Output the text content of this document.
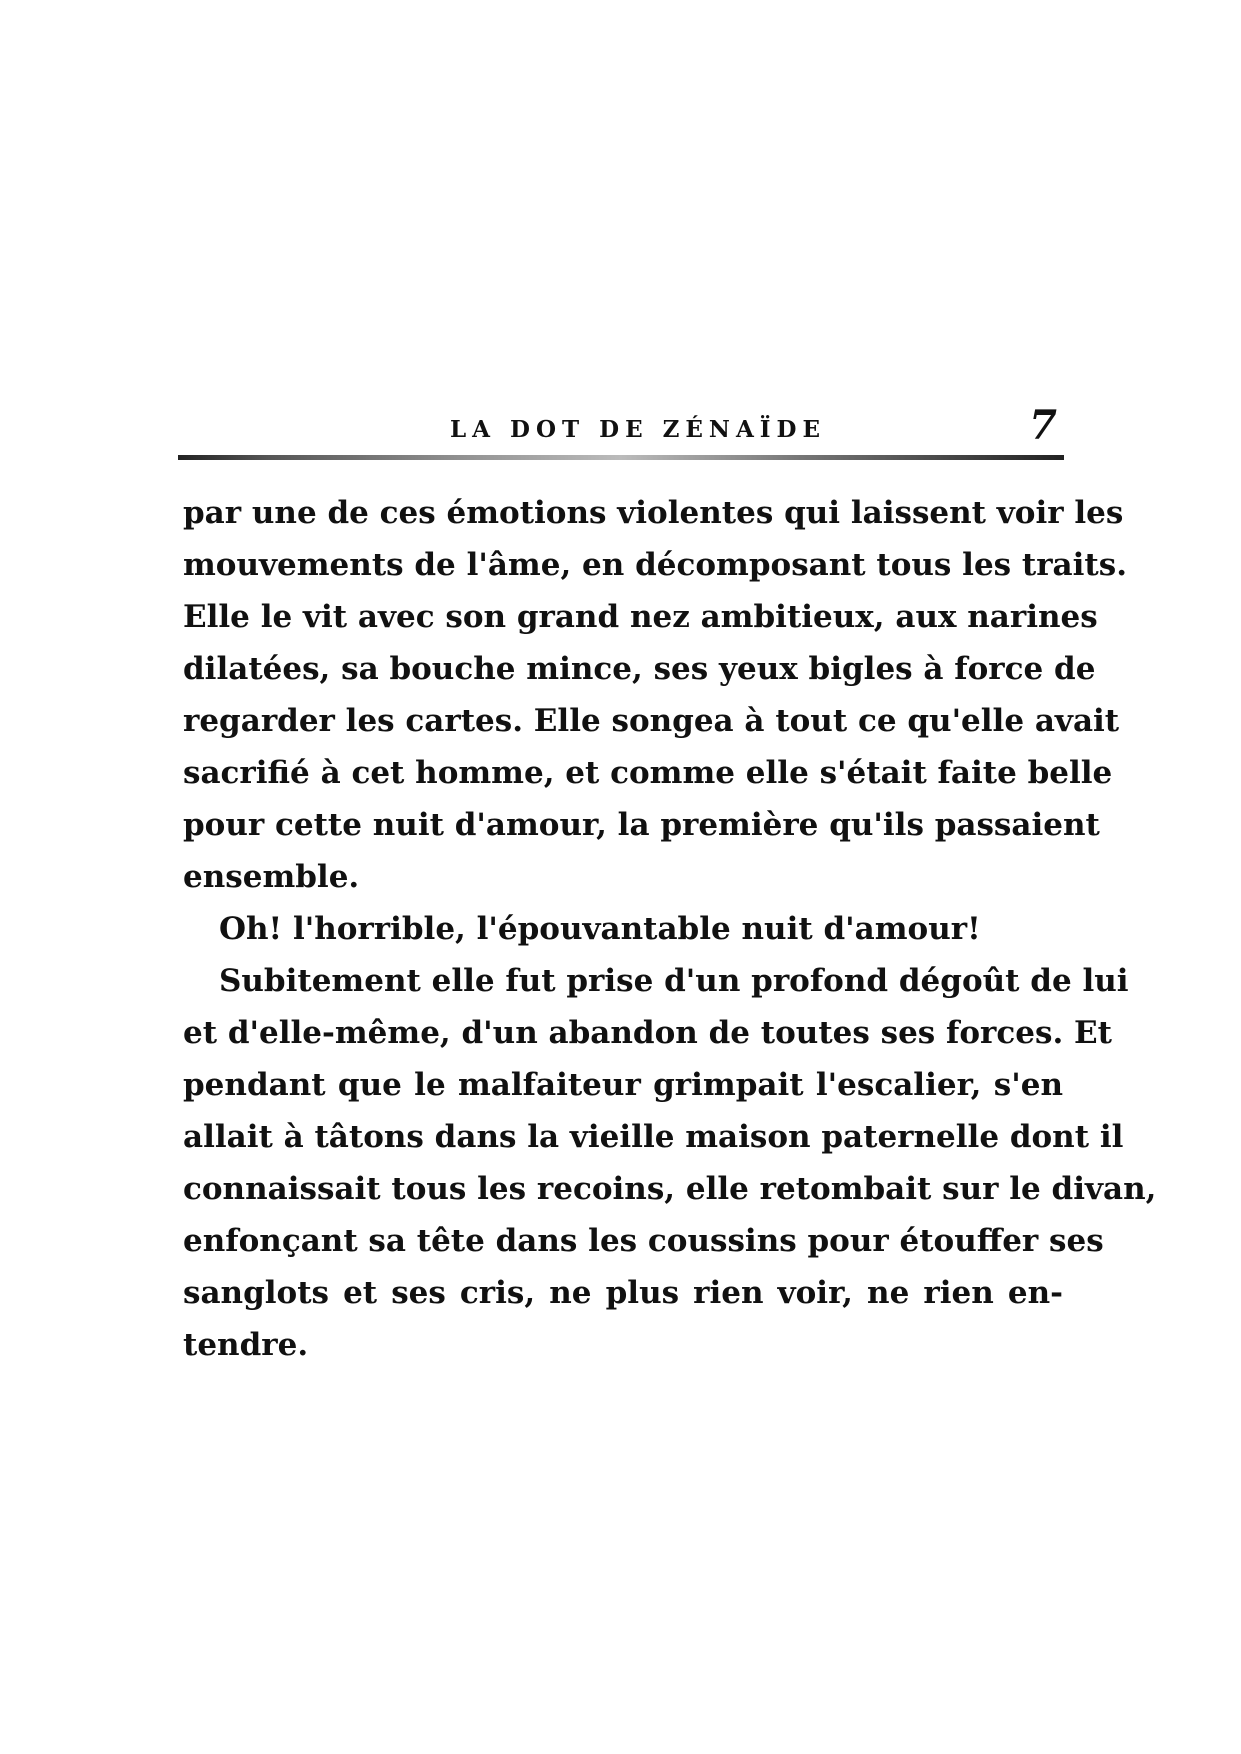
LA DOT DE ZÉNAÏDE	7
par une de ces émotions violentes qui laissent voir les
mouvements de l'âme, en décomposant tous les traits.
Elle le vit avec son grand nez ambitieux, aux narines
dilatées, sa bouche mince, ses yeux bigles à force de
regarder les cartes. Elle songea à tout ce qu'elle avait
sacrifié à cet homme, et comme elle s'était faite belle
pour cette nuit d'amour, la première qu'ils passaient
ensemble.
Oh! l'horrible, l'épouvantable nuit d'amour!
Subitement elle fut prise d'un profond dégoût de lui
et d'elle-même, d'un abandon de toutes ses forces. Et
pendant que le malfaiteur grimpait l'escalier, s'en
allait à tâtons dans la vieille maison paternelle dont il
connaissait tous les recoins, elle retombait sur le divan,
enfonçant sa tête dans les coussins pour étouffer ses
sanglots et ses cris, ne plus rien voir, ne rien en-
tendre.
